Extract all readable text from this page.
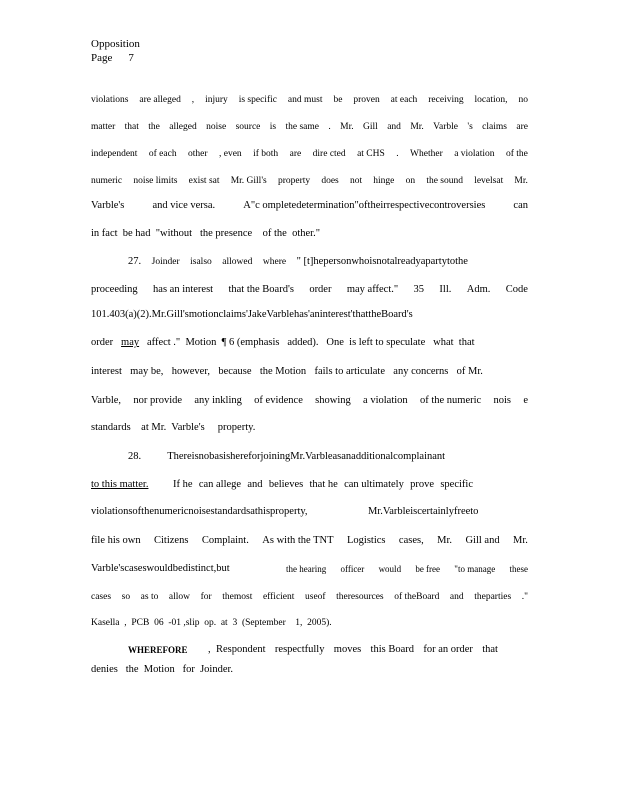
Opposition
Page 7
violations are alleged , injury is specific and must be proven at each receiving location, no
matter that the alleged noise source is the same . Mr. Gill and Mr. Varble 's claims are
independent of each other , even if both are dire cted at CHS . Whether a violation of the
numeric noise limits exist sat Mr. Gill's property does not hinge on the sound levelsat Mr.
Varble's	and vice versa.	A"c ompletedetermination"oftheirrespectivecontroversies	can
in fact  be had  "without   the presence    of the  other."
27. Joinder isalso allowed where " [t]hepersonwhoisnotalreadyapartytothe
proceeding has an interest that the Board's order may affect." 35 Ill. Adm. Code
101.403(a)(2).Mr.Gill'smotionclaims'JakeVarblehas'aninterest'thattheBoard's
order may affect ."  Motion  ¶ 6 (emphasis   added).   One  is left to speculate   what  that
interest may be, however, because the Motion fails to articulate any concerns of Mr.
Varble, nor provide any inkling of evidence showing a violation of the numeric nois e
standards    at Mr.  Varble's     property.
28. ThereisnobasishereforjoiningMr.Varbleasanadditionalcomplainant
to this matter. If he can allege and believes that he can ultimately prove specific
violationsofthenumericnoisestandardsathisproperty,	Mr.Varbleiscertainlyfreeto
file his own Citizens Complaint. As with the TNT Logistics cases, Mr. Gill and Mr.
Varble'scaseswouldbedistinct,but	the hearing officer would be free "to manage these
cases so as to allow for themost efficient useof theresources of theBoard and theparties ."
Kasella  ,  PCB  06  -01 ,slip  op.  at  3  (September    1,  2005).
WHEREFORE , Respondent respectfully moves this Board for an order that
denies   the  Motion   for  Joinder.
